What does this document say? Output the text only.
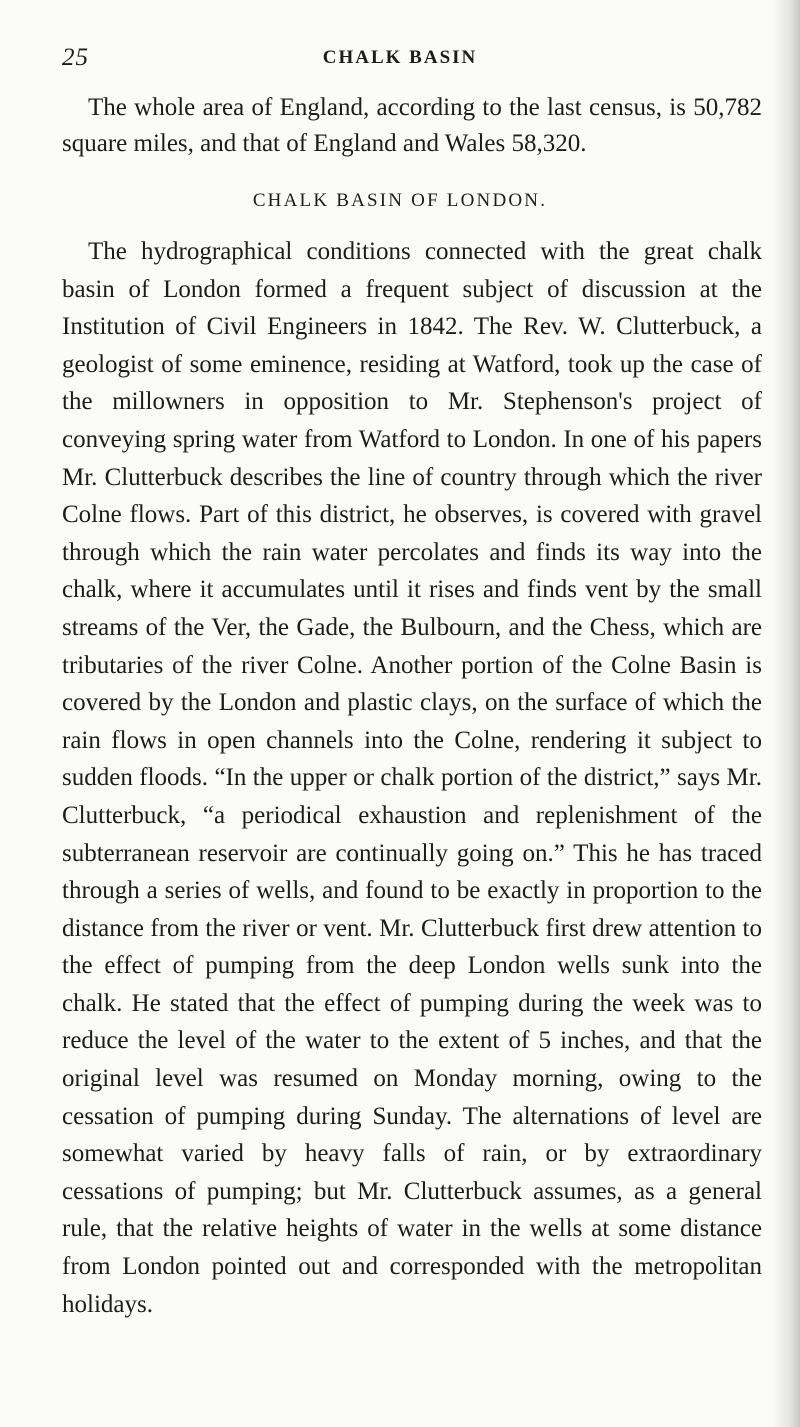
25	CHALK BASIN
The whole area of England, according to the last census, is 50,782 square miles, and that of England and Wales 58,320.
CHALK BASIN OF LONDON.
The hydrographical conditions connected with the great chalk basin of London formed a frequent subject of discussion at the Institution of Civil Engineers in 1842. The Rev. W. Clutterbuck, a geologist of some eminence, residing at Watford, took up the case of the millowners in opposition to Mr. Stephenson's project of conveying spring water from Watford to London. In one of his papers Mr. Clutterbuck describes the line of country through which the river Colne flows. Part of this district, he observes, is covered with gravel through which the rain water percolates and finds its way into the chalk, where it accumulates until it rises and finds vent by the small streams of the Ver, the Gade, the Bulbourn, and the Chess, which are tributaries of the river Colne. Another portion of the Colne Basin is covered by the London and plastic clays, on the surface of which the rain flows in open channels into the Colne, rendering it subject to sudden floods. “In the upper or chalk portion of the district,” says Mr. Clutterbuck, “a periodical exhaustion and replenishment of the subterranean reservoir are continually going on.” This he has traced through a series of wells, and found to be exactly in proportion to the distance from the river or vent. Mr. Clutterbuck first drew attention to the effect of pumping from the deep London wells sunk into the chalk. He stated that the effect of pumping during the week was to reduce the level of the water to the extent of 5 inches, and that the original level was resumed on Monday morning, owing to the cessation of pumping during Sunday. The alternations of level are somewhat varied by heavy falls of rain, or by extraordinary cessations of pumping; but Mr. Clutterbuck assumes, as a general rule, that the relative heights of water in the wells at some distance from London pointed out and corresponded with the metropolitan holidays.
